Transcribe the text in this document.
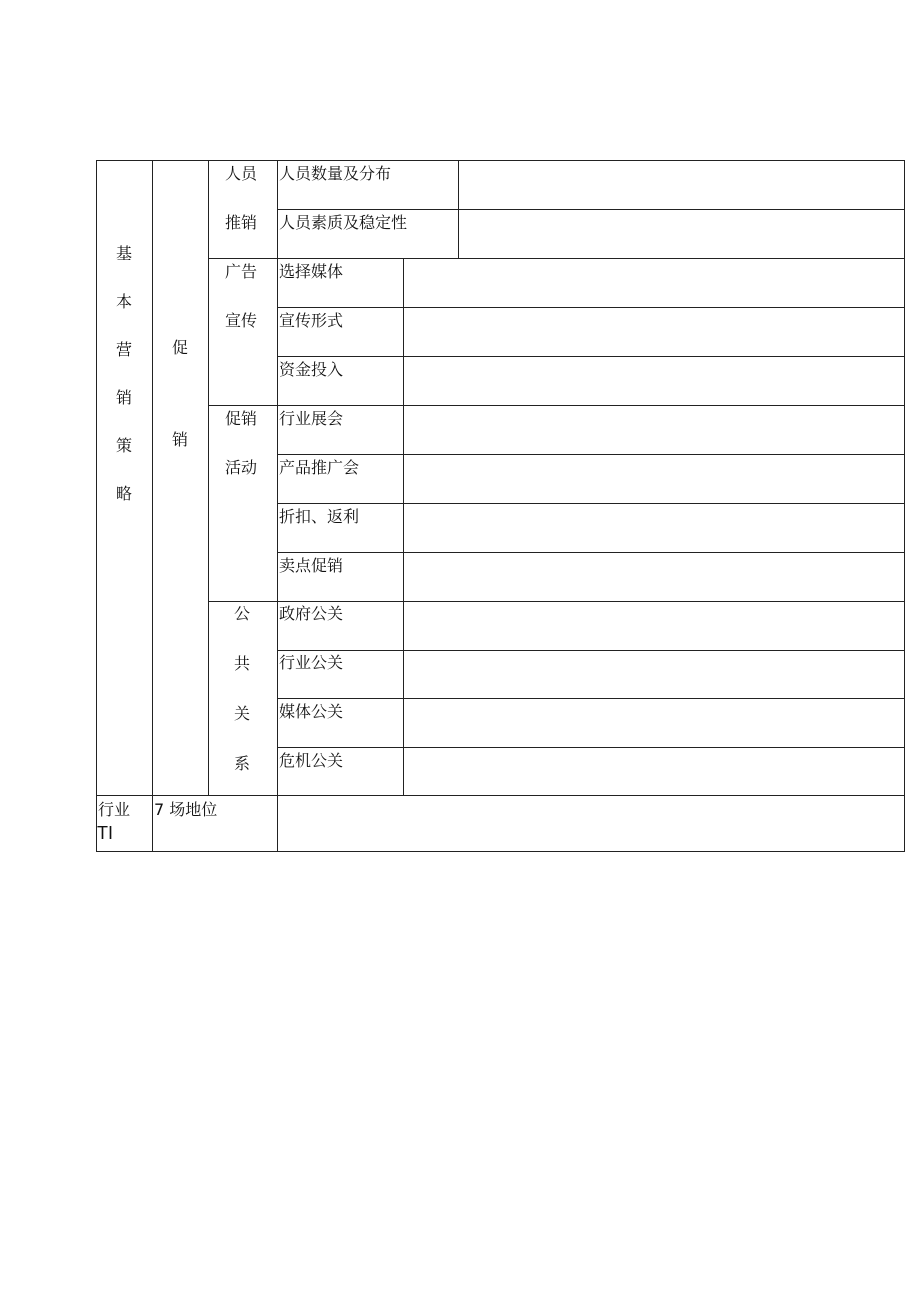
基
本
营
销
策
略
促
销
人员
推销
广告
宣传
促销
活动
公
共
关
系
人员数量及分布
人员素质及稳定性
选择媒体
宣传形式
资金投入
行业展会
产品推广会
折扣、返利
卖点促销
政府公关
行业公关
媒体公关
危机公关
行业
TI
7 场地位
